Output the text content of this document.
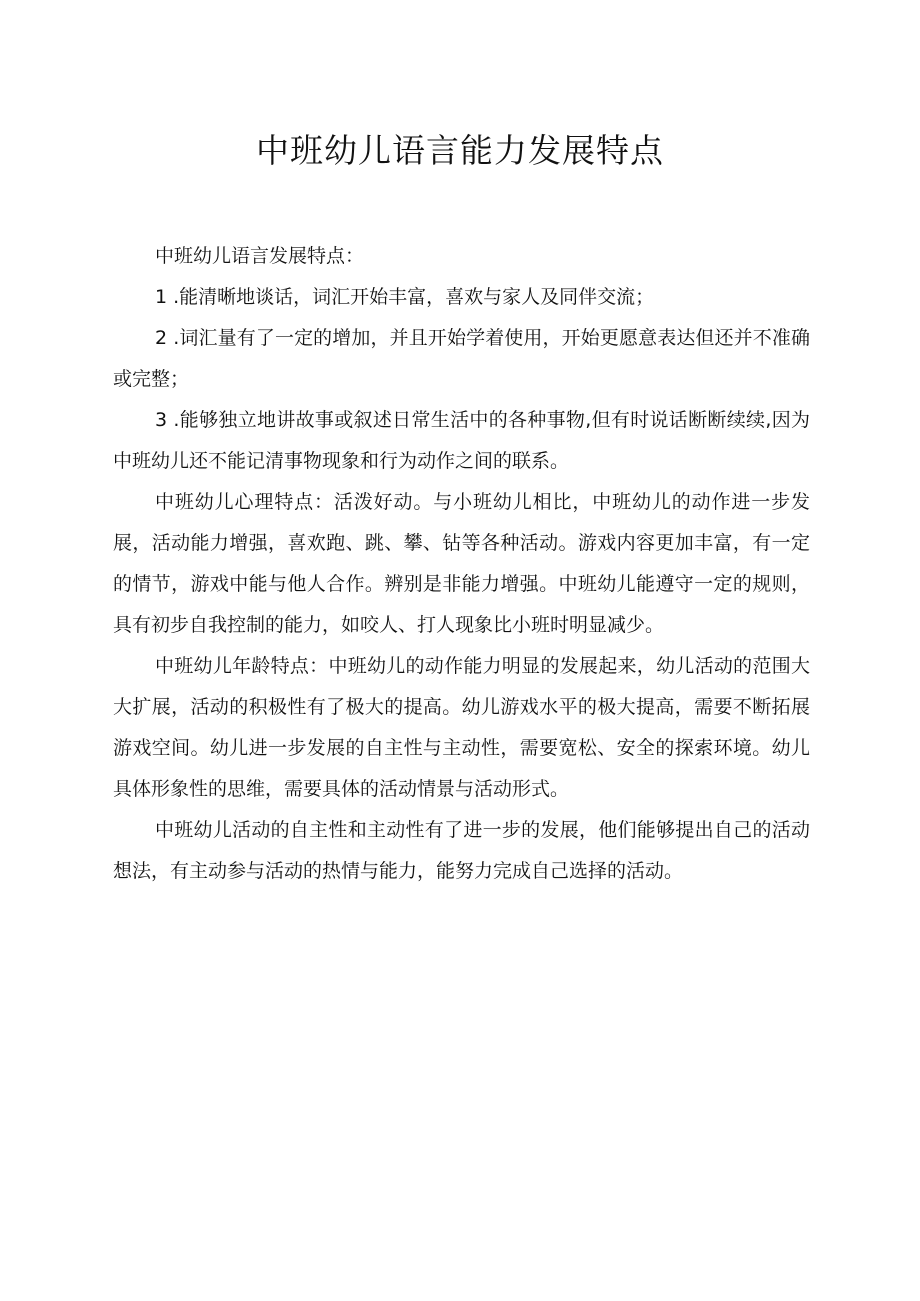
中班幼儿语言能力发展特点

中班幼儿语言发展特点：

1 .能清晰地谈话，词汇开始丰富，喜欢与家人及同伴交流；

2 .词汇量有了一定的增加，并且开始学着使用，开始更愿意表达但还并不准确或完整；

3 .能够独立地讲故事或叙述日常生活中的各种事物,但有时说话断断续续,因为中班幼儿还不能记清事物现象和行为动作之间的联系。

中班幼儿心理特点：活泼好动。与小班幼儿相比，中班幼儿的动作进一步发展，活动能力增强，喜欢跑、跳、攀、钻等各种活动。游戏内容更加丰富，有一定的情节，游戏中能与他人合作。辨别是非能力增强。中班幼儿能遵守一定的规则，具有初步自我控制的能力，如咬人、打人现象比小班时明显减少。

中班幼儿年龄特点：中班幼儿的动作能力明显的发展起来，幼儿活动的范围大大扩展，活动的积极性有了极大的提高。幼儿游戏水平的极大提高，需要不断拓展游戏空间。幼儿进一步发展的自主性与主动性，需要宽松、安全的探索环境。幼儿具体形象性的思维，需要具体的活动情景与活动形式。

中班幼儿活动的自主性和主动性有了进一步的发展，他们能够提出自己的活动想法，有主动参与活动的热情与能力，能努力完成自己选择的活动。
